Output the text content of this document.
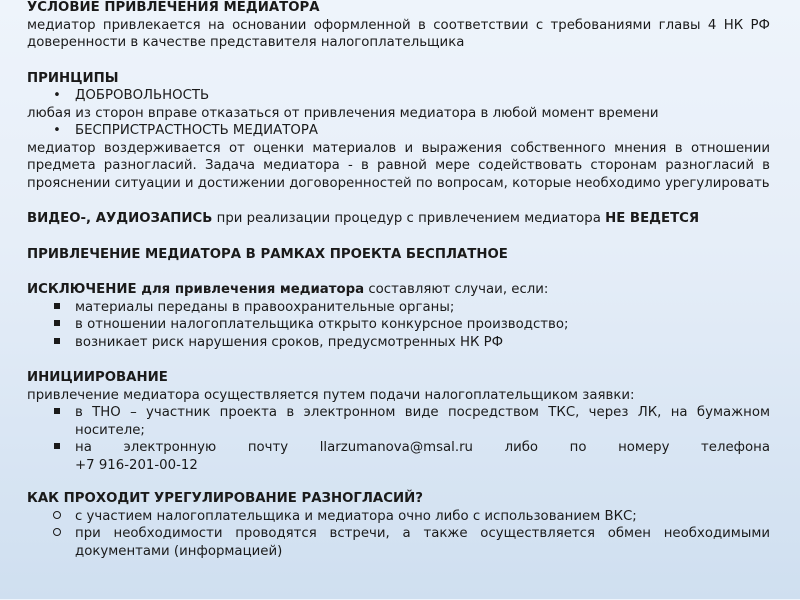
УСЛОВИЕ ПРИВЛЕЧЕНИЯ МЕДИАТОРА

медиатор привлекается на основании оформленной в соответствии с требованиями главы 4 НК РФ

доверенности в качестве представителя налогоплательщика

ПРИНЦИПЫ
• ДОБРОВОЛЬНОСТЬ

любая из сторон вправе отказаться от привлечения медиатора в любой момент времени

• БЕСПРИСТРАСТНОСТЬ МЕДИАТОРА

медиатор воздерживается от оценки материалов и выражения собственного мнения в отношении предмета разногласий. Задача медиатора - в равной мере содействовать сторонам разногласий в прояснении ситуации и достижении договоренностей по вопросам, которые необходимо урегулировать

ВИДЕО-, АУДИОЗАПИСЬ при реализации процедур с привлечением медиатора НЕ ВЕДЕТСЯ

ПРИВЛЕЧЕНИЕ МЕДИАТОРА В РАМКАХ ПРОЕКТА БЕСПЛАТНОЕ

ИСКЛЮЧЕНИЕ для привлечения медиатора составляют случаи, если:

материалы переданы в правоохранительные органы;
в отношении налогоплательщика открыто конкурсное производство;
возникает риск нарушения сроков, предусмотренных НК РФ
ИНИЦИИРОВАНИЕ

привлечение медиатора осуществляется путем подачи налогоплательщиком заявки:

в ТНО – участник проекта в электронном виде посредством ТКС, через ЛК, на бумажном носителе;
на электронную почту llarzumanova@msal.ru либо по номеру телефона
+7 916-201-00-12
КАК ПРОХОДИТ УРЕГУЛИРОВАНИЕ РАЗНОГЛАСИЙ?
с участием налогоплательщика и медиатора очно либо с использованием ВКС;
при необходимости проводятся встречи, а также осуществляется обмен необходимыми документами (информацией)
